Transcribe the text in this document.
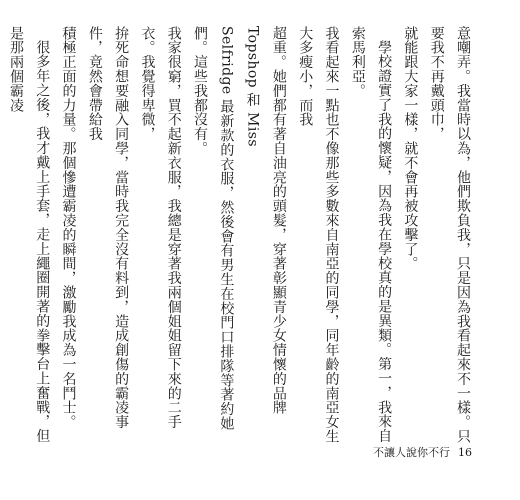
意嘲弄。我當時以為，他們欺負我，只是因為我看起來不一樣。只要我不再戴頭巾，

就能跟大家一樣，就不會再被攻擊了。

學校證實了我的懷疑，因為我在學校真的是異類。第一，我來自索馬利亞。

我看起來一點也不像那些多數來自南亞的同學，同年齡的南亞女生大多瘦小，而我

超重。她們都有著自油亮的頭髮，穿著彰顯青少女情懷的品牌 Topshop 和 Miss

Selfridge 最新款的衣服，然後會有男生在校門口排隊等著約她們。這些我都沒有。

我家很窮，買不起新衣服，我總是穿著我兩個姐姐留下來的二手衣。我覺得卑微，

拚死命想要融入同學，當時我完全沒有料到，造成創傷的霸凌事件，竟然會帶給我

積極正面的力量。那個慘遭霸凌的瞬間，激勵我成為一名鬥士。

很多年之後，我才戴上手套，走上繩圈開著的拳擊台上奮戰，但是那兩個霸凌

不讓人說你不行 16
